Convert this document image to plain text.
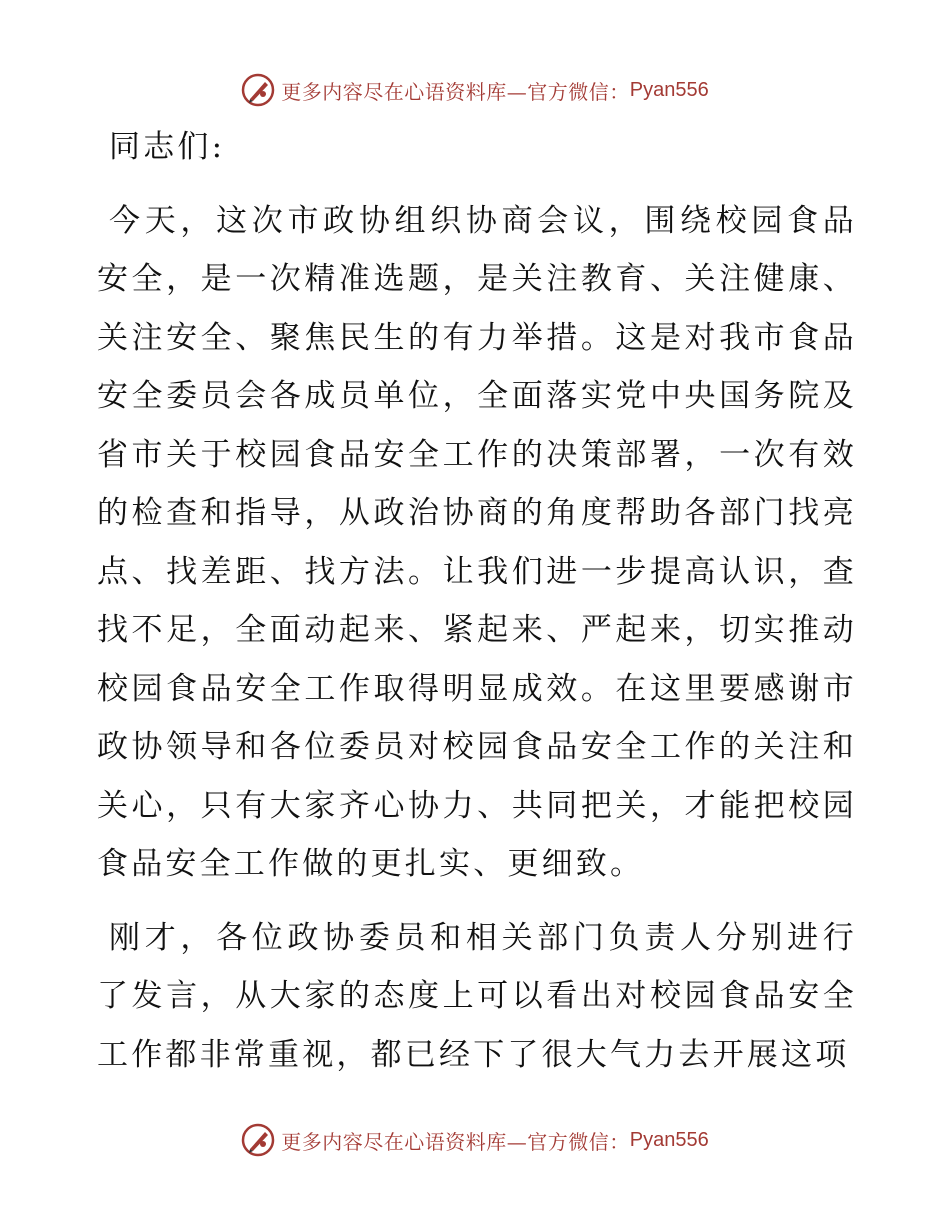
更多内容尽在心语资料库—官方微信： Pyan556

同志们:

今天，这次市政协组织协商会议，围绕校园食品安全，是一次精准选题，是关注教育、关注健康、关注安全、聚焦民生的有力举措。这是对我市食品安全委员会各成员单位，全面落实党中央国务院及省市关于校园食品安全工作的决策部署，一次有效的检查和指导，从政治协商的角度帮助各部门找亮点、找差距、找方法。让我们进一步提高认识，查找不足，全面动起来、紧起来、严起来，切实推动校园食品安全工作取得明显成效。在这里要感谢市政协领导和各位委员对校园食品安全工作的关注和关心，只有大家齐心协力、共同把关，才能把校园食品安全工作做的更扎实、更细致。

刚才，各位政协委员和相关部门负责人分别进行了发言，从大家的态度上可以看出对校园食品安全工作都非常重视，都已经下了很大气力去开展这项

更多内容尽在心语资料库—官方微信： Pyan556
